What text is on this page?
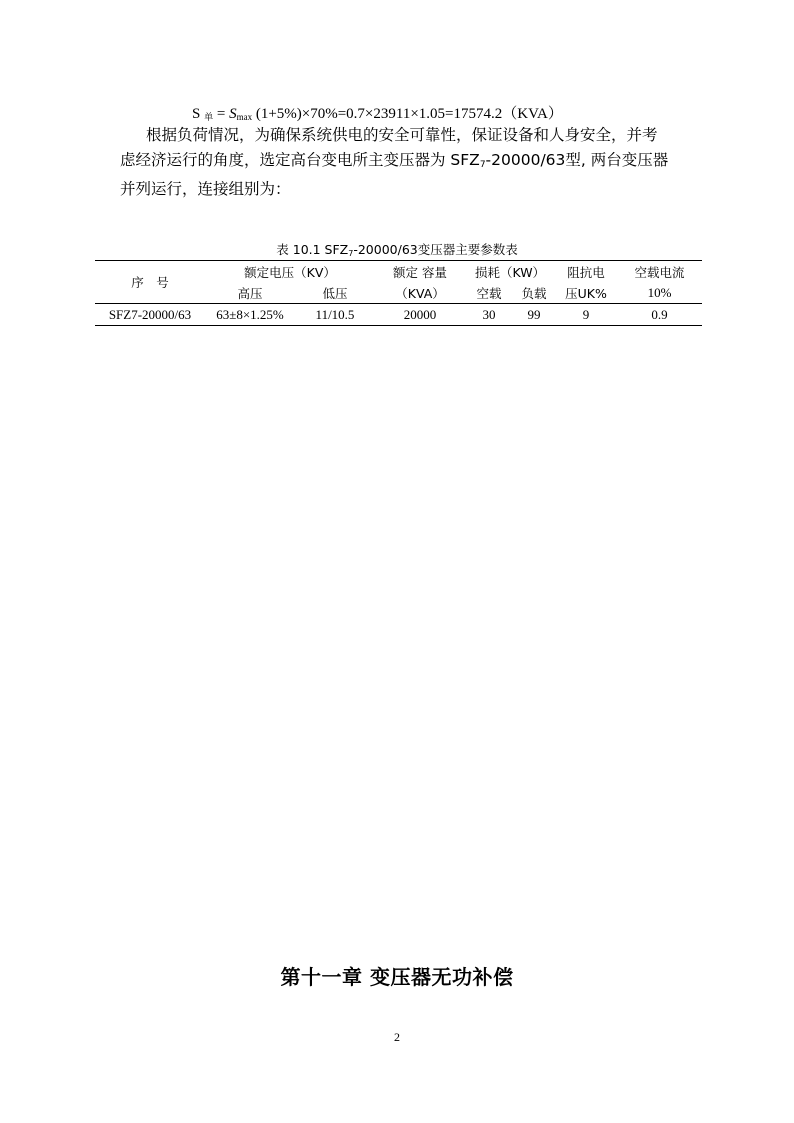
S $_单 = S_{max}$ (1+5%)×70%=0.7×23911×1.05=17574.2（KVA）
根据负荷情况，为确保系统供电的安全可靠性，保证设备和人身安全，并考
虑经济运行的角度，选定高台变电所主变压器为 $SFZ_7-20000/63$型, 两台变压器
并列运行，连接组别为：
表 10.1 $SFZ_7-20000/63$变压器主要参数表
序　号	额定电压（KV）		额定 容量	损耗（KW）		阻抗电	空载电流
	高压	低压	（KVA）	空载	负载	压UK%	10%
SFZ7-20000/63	63±8×1.25%	11/10.5	20000	30	99	9	0.9
第十一章 变压器无功补偿
2
